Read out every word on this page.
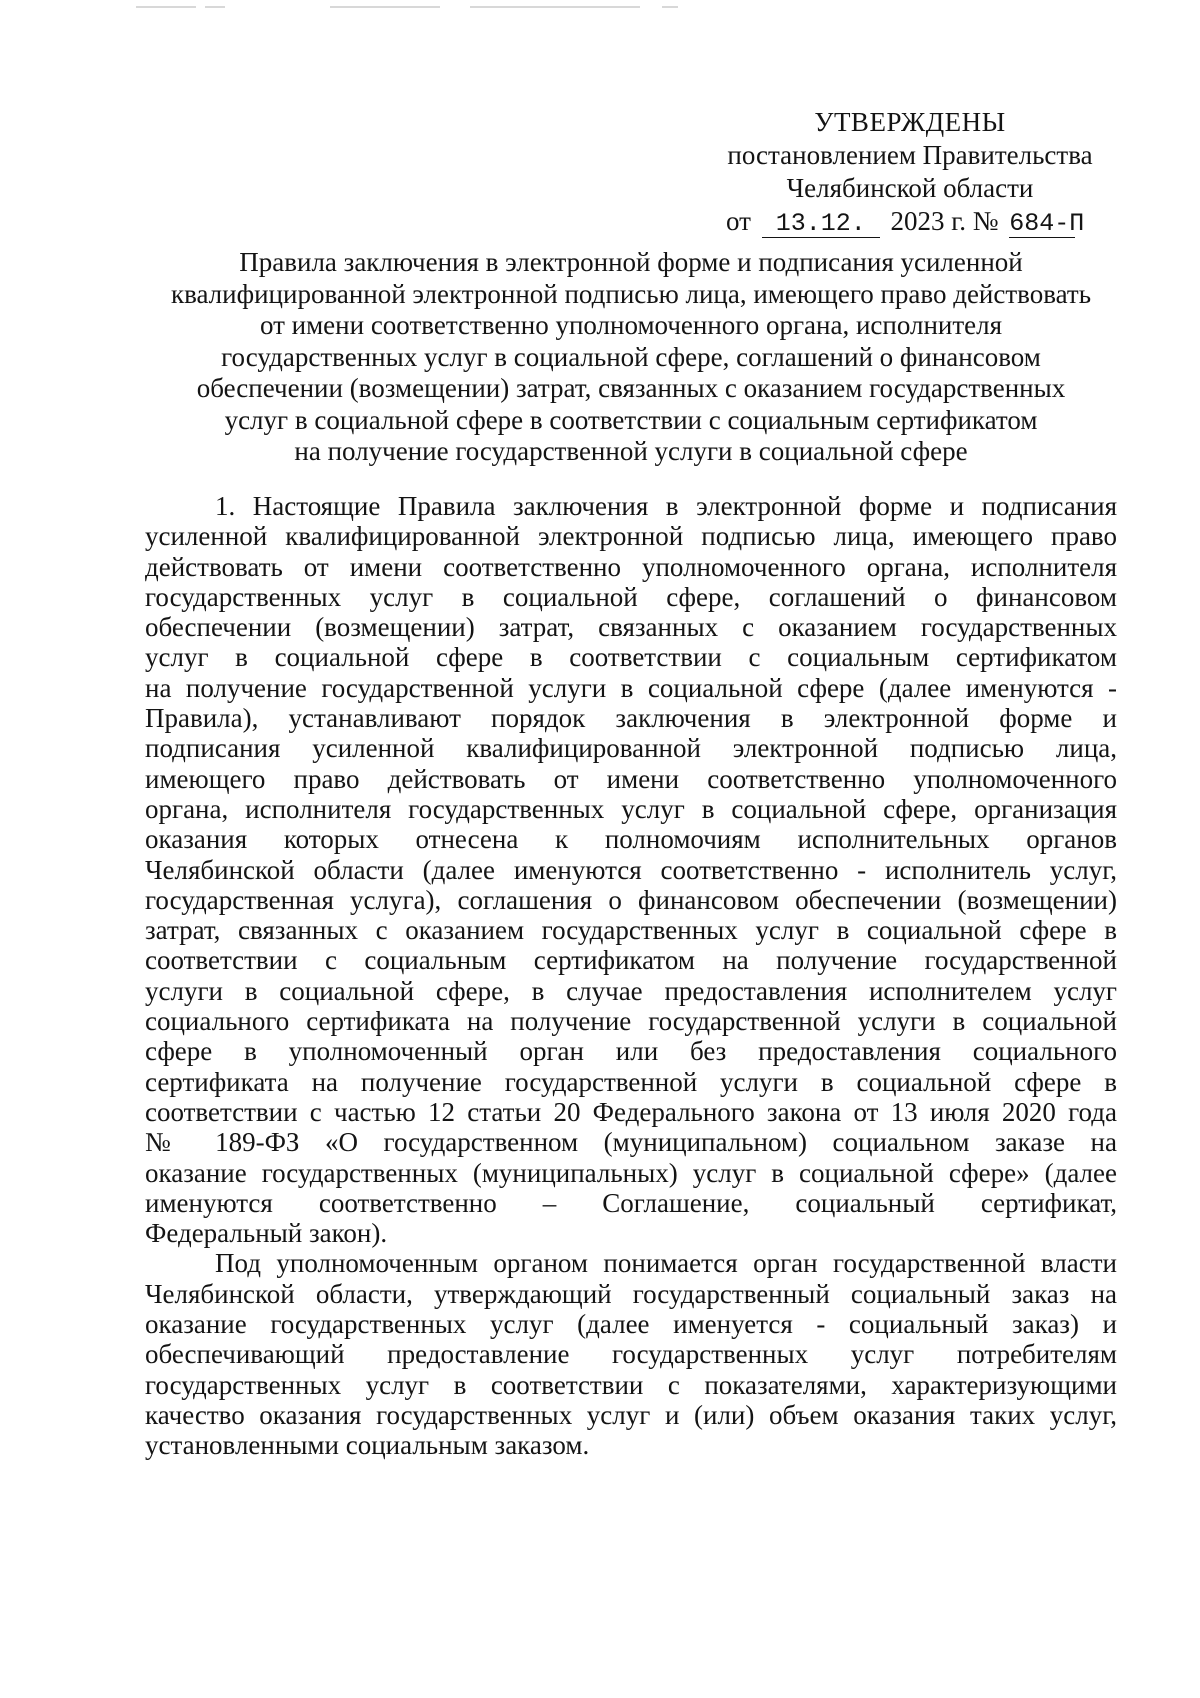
УТВЕРЖДЕНЫ
постановлением Правительства
Челябинской области
от 13.12. 2023 г. № 684-П
Правила заключения в электронной форме и подписания усиленной
квалифицированной электронной подписью лица, имеющего право действовать
от имени соответственно уполномоченного органа, исполнителя
государственных услуг в социальной сфере, соглашений о финансовом
обеспечении (возмещении) затрат, связанных с оказанием государственных
услуг в социальной сфере в соответствии с социальным сертификатом
на получение государственной услуги в социальной сфере
1. Настоящие Правила заключения в электронной форме и подписания
усиленной квалифицированной электронной подписью лица, имеющего право
действовать от имени соответственно уполномоченного органа, исполнителя
государственных услуг в социальной сфере, соглашений о финансовом
обеспечении (возмещении) затрат, связанных с оказанием государственных
услуг в социальной сфере в соответствии с социальным сертификатом
на получение государственной услуги в социальной сфере (далее именуются -
Правила), устанавливают порядок заключения в электронной форме и
подписания усиленной квалифицированной электронной подписью лица,
имеющего право действовать от имени соответственно уполномоченного
органа, исполнителя государственных услуг в социальной сфере, организация
оказания которых отнесена к полномочиям исполнительных органов
Челябинской области (далее именуются соответственно - исполнитель услуг,
государственная услуга), соглашения о финансовом обеспечении (возмещении)
затрат, связанных с оказанием государственных услуг в социальной сфере в
соответствии с социальным сертификатом на получение государственной
услуги в социальной сфере, в случае предоставления исполнителем услуг
социального сертификата на получение государственной услуги в социальной
сфере в уполномоченный орган или без предоставления социального
сертификата на получение государственной услуги в социальной сфере в
соответствии с частью 12 статьи 20 Федерального закона от 13 июля 2020 года
№ 189-ФЗ «О государственном (муниципальном) социальном заказе на
оказание государственных (муниципальных) услуг в социальной сфере» (далее
именуются соответственно – Соглашение, социальный сертификат,
Федеральный закон).
Под уполномоченным органом понимается орган государственной власти
Челябинской области, утверждающий государственный социальный заказ на
оказание государственных услуг (далее именуется - социальный заказ) и
обеспечивающий предоставление государственных услуг потребителям
государственных услуг в соответствии с показателями, характеризующими
качество оказания государственных услуг и (или) объем оказания таких услуг,
установленными социальным заказом.
